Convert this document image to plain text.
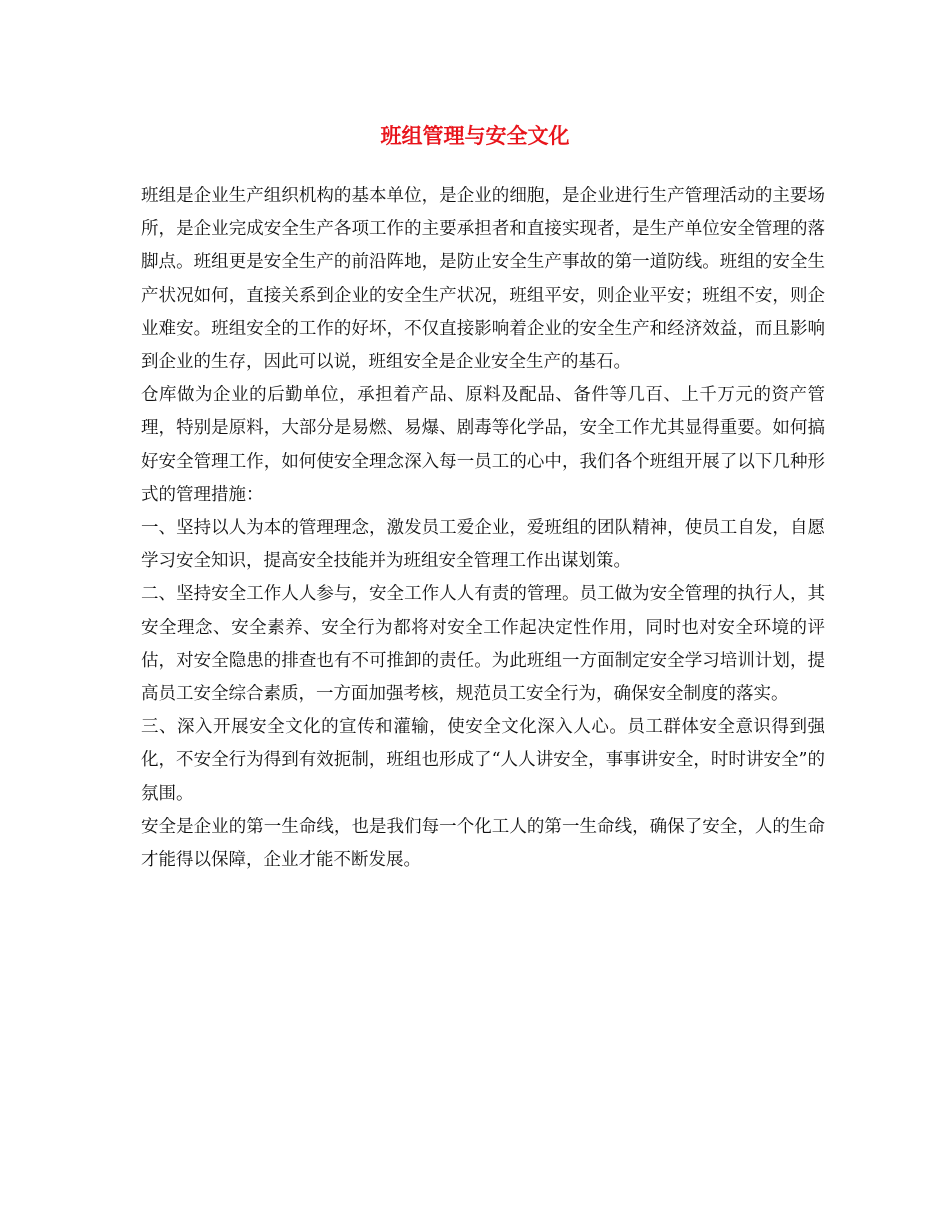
班组管理与安全文化

班组是企业生产组织机构的基本单位，是企业的细胞，是企业进行生产管理活动的主要场所，是企业完成安全生产各项工作的主要承担者和直接实现者，是生产单位安全管理的落脚点。班组更是安全生产的前沿阵地，是防止安全生产事故的第一道防线。班组的安全生产状况如何，直接关系到企业的安全生产状况，班组平安，则企业平安；班组不安，则企业难安。班组安全的工作的好坏，不仅直接影响着企业的安全生产和经济效益，而且影响到企业的生存，因此可以说，班组安全是企业安全生产的基石。

仓库做为企业的后勤单位，承担着产品、原料及配品、备件等几百、上千万元的资产管理，特别是原料，大部分是易燃、易爆、剧毒等化学品，安全工作尤其显得重要。如何搞好安全管理工作，如何使安全理念深入每一员工的心中，我们各个班组开展了以下几种形式的管理措施：

一、坚持以人为本的管理理念，激发员工爱企业，爱班组的团队精神，使员工自发，自愿学习安全知识，提高安全技能并为班组安全管理工作出谋划策。

二、坚持安全工作人人参与，安全工作人人有责的管理。员工做为安全管理的执行人，其安全理念、安全素养、安全行为都将对安全工作起决定性作用，同时也对安全环境的评估，对安全隐患的排查也有不可推卸的责任。为此班组一方面制定安全学习培训计划，提高员工安全综合素质，一方面加强考核，规范员工安全行为，确保安全制度的落实。

三、深入开展安全文化的宣传和灌输，使安全文化深入人心。员工群体安全意识得到强化，不安全行为得到有效扼制，班组也形成了“人人讲安全，事事讲安全，时时讲安全”的氛围。

安全是企业的第一生命线，也是我们每一个化工人的第一生命线，确保了安全，人的生命才能得以保障，企业才能不断发展。
